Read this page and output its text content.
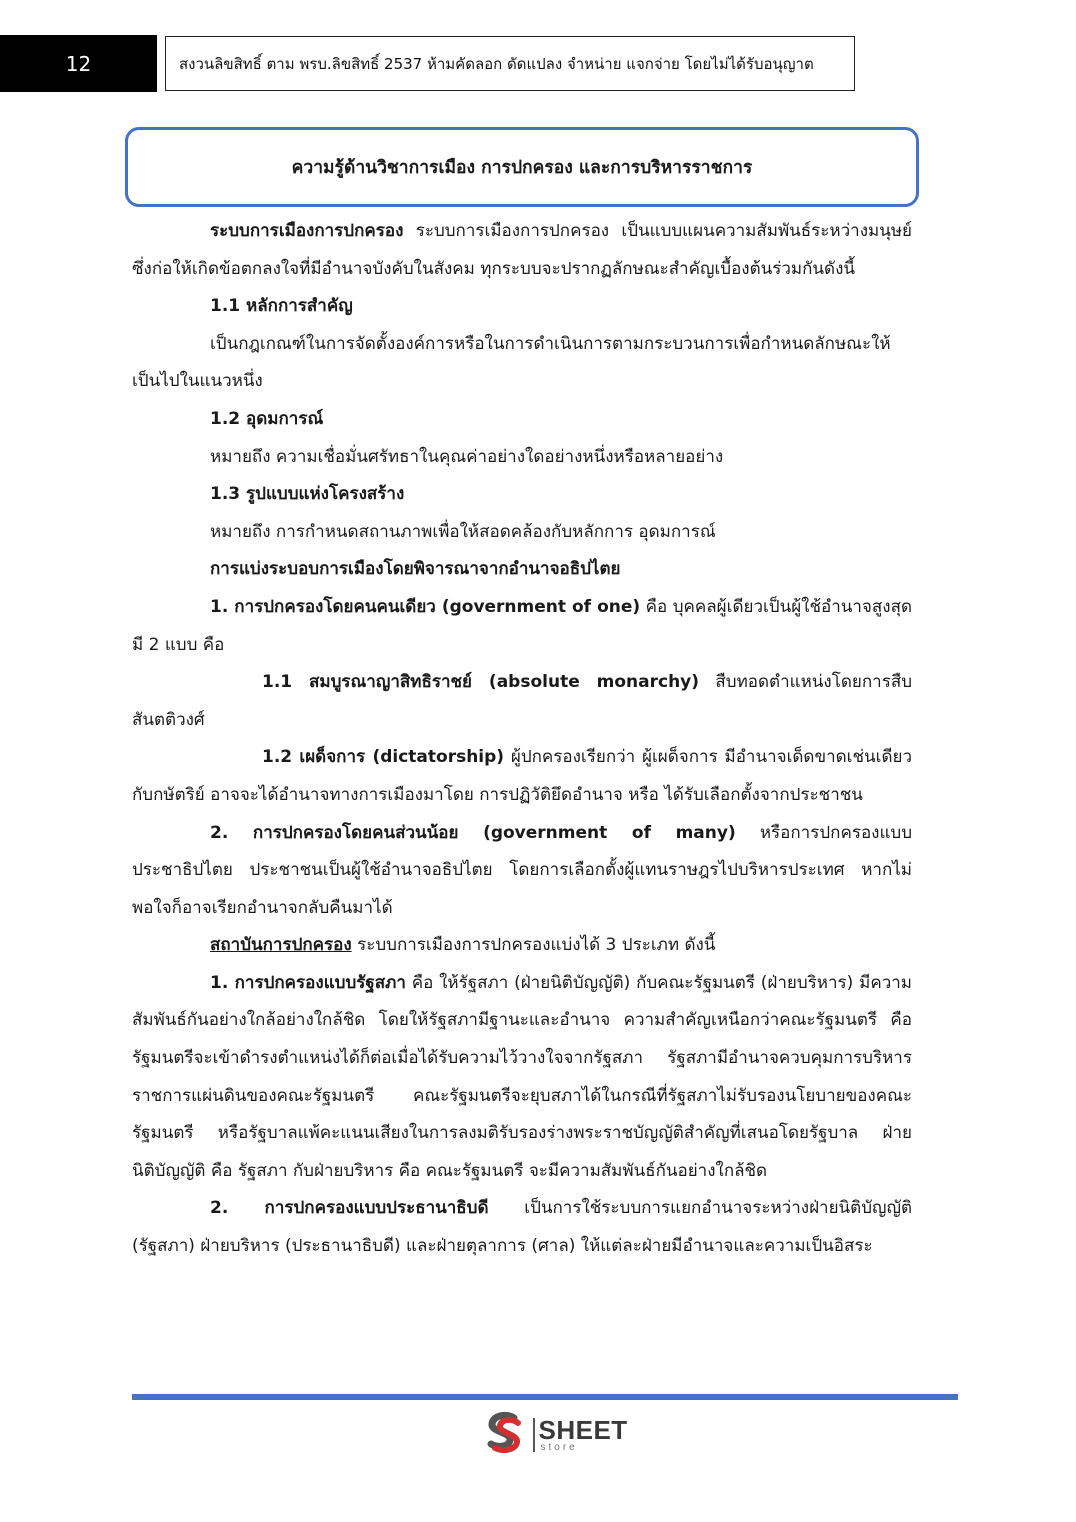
12	สงวนลิขสิทธิ์ ตาม พรบ.ลิขสิทธิ์ 2537 ห้ามคัดลอก ดัดแปลง จำหน่าย แจกจ่าย โดยไม่ได้รับอนุญาต
ความรู้ด้านวิชาการเมือง การปกครอง และการบริหารราชการ

ระบบการเมืองการปกครอง ระบบการเมืองการปกครอง เป็นแบบแผนความสัมพันธ์ระหว่างมนุษย์ซึ่งก่อให้เกิดข้อตกลงใจที่มีอำนาจบังคับในสังคม ทุกระบบจะปรากฏลักษณะสำคัญเบื้องต้นร่วมกันดังนี้

1.1 หลักการสำคัญ

เป็นกฎเกณฑ์ในการจัดตั้งองค์การหรือในการดำเนินการตามกระบวนการเพื่อกำหนดลักษณะให้เป็นไปในแนวหนึ่ง

1.2 อุดมการณ์

หมายถึง ความเชื่อมั่นศรัทธาในคุณค่าอย่างใดอย่างหนึ่งหรือหลายอย่าง

1.3 รูปแบบแห่งโครงสร้าง

หมายถึง การกำหนดสถานภาพเพื่อให้สอดคล้องกับหลักการ อุดมการณ์

การแบ่งระบอบการเมืองโดยพิจารณาจากอำนาจอธิปไตย

1. การปกครองโดยคนคนเดียว (government of one) คือ บุคคลผู้เดียวเป็นผู้ใช้อำนาจสูงสุด มี 2 แบบ คือ

1.1 สมบูรณาญาสิทธิราชย์ (absolute monarchy) สืบทอดตำแหน่งโดยการสืบสันตติวงศ์

1.2 เผด็จการ (dictatorship) ผู้ปกครองเรียกว่า ผู้เผด็จการ มีอำนาจเด็ดขาดเช่นเดียวกับกษัตริย์ อาจจะได้อำนาจทางการเมืองมาโดย การปฏิวัติยึดอำนาจ หรือ ได้รับเลือกตั้งจากประชาชน

2. การปกครองโดยคนส่วนน้อย (government of many) หรือการปกครองแบบประชาธิปไตย ประชาชนเป็นผู้ใช้อำนาจอธิปไตย โดยการเลือกตั้งผู้แทนราษฎรไปบริหารประเทศ หากไม่พอใจก็อาจเรียกอำนาจกลับคืนมาได้

สถาบันการปกครอง ระบบการเมืองการปกครองแบ่งได้ 3 ประเภท ดังนี้

1. การปกครองแบบรัฐสภา คือ ให้รัฐสภา (ฝ่ายนิติบัญญัติ) กับคณะรัฐมนตรี (ฝ่ายบริหาร) มีความสัมพันธ์กันอย่างใกล้อย่างใกล้ชิด โดยให้รัฐสภามีฐานะและอำนาจ ความสำคัญเหนือกว่าคณะรัฐมนตรี คือ รัฐมนตรีจะเข้าดำรงตำแหน่งได้ก็ต่อเมื่อได้รับความไว้วางใจจากรัฐสภา รัฐสภามีอำนาจควบคุมการบริหารราชการแผ่นดินของคณะรัฐมนตรี คณะรัฐมนตรีจะยุบสภาได้ในกรณีที่รัฐสภาไม่รับรองนโยบายของคณะรัฐมนตรี หรือรัฐบาลแพ้คะแนนเสียงในการลงมติรับรองร่างพระราชบัญญัติสำคัญที่เสนอโดยรัฐบาล ฝ่ายนิติบัญญัติ คือ รัฐสภา กับฝ่ายบริหาร คือ คณะรัฐมนตรี จะมีความสัมพันธ์กันอย่างใกล้ชิด

2. การปกครองแบบประธานาธิบดี เป็นการใช้ระบบการแยกอำนาจระหว่างฝ่ายนิติบัญญัติ (รัฐสภา) ฝ่ายบริหาร (ประธานาธิบดี) และฝ่ายตุลาการ (ศาล) ให้แต่ละฝ่ายมีอำนาจและความเป็นอิสระ

SHEET
store
